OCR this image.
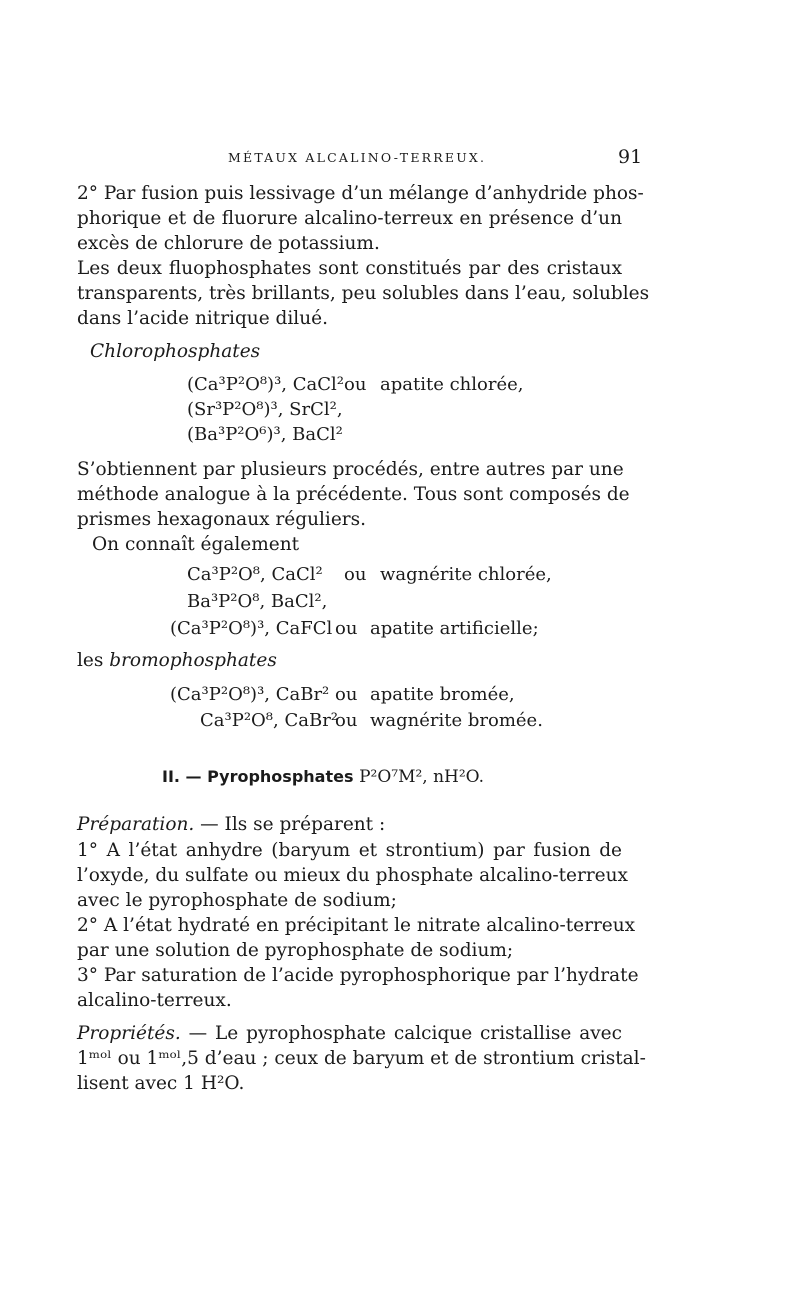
MÉTAUX ALCALINO-TERREUX.	91
2° Par fusion puis lessivage d’un mélange d’anhydride phos-
phorique et de fluorure alcalino-terreux en présence d’un
excès de chlorure de potassium.
Les deux fluophosphates sont constitués par des cristaux
transparents, très brillants, peu solubles dans l’eau, solubles
dans l’acide nitrique dilué.
Chlorophosphates
(Ca³P²O⁸)³, CaCl² ou apatite chlorée,
(Sr³P²O⁸)³, SrCl²,
(Ba³P²O⁶)³, BaCl²
S’obtiennent par plusieurs procédés, entre autres par une
méthode analogue à la précédente. Tous sont composés de
prismes hexagonaux réguliers.
On connaît également
Ca³P²O⁸, CaCl² ou wagnérite chlorée,
Ba³P²O⁸, BaCl²,
(Ca³P²O⁸)³, CaFCl ou apatite artificielle;
les bromophosphates
(Ca³P²O⁸)³, CaBr² ou apatite bromée,
Ca³P²O⁸, CaBr²
ou wagnérite bromée.
II. — Pyrophosphates P²O⁷M², nH²O.
Préparation. — Ils se préparent :
1° A l’état anhydre (baryum et strontium) par fusion de
l’oxyde, du sulfate ou mieux du phosphate alcalino-terreux
avec le pyrophosphate de sodium;
2° A l’état hydraté en précipitant le nitrate alcalino-terreux
par une solution de pyrophosphate de sodium;
3° Par saturation de l’acide pyrophosphorique par l’hydrate
alcalino-terreux.
Propriétés. — Le pyrophosphate calcique cristallise avec
1ᵐᵒˡ ou 1ᵐᵒˡ,5 d’eau ; ceux de baryum et de strontium cristal-
lisent avec 1 H²O.
